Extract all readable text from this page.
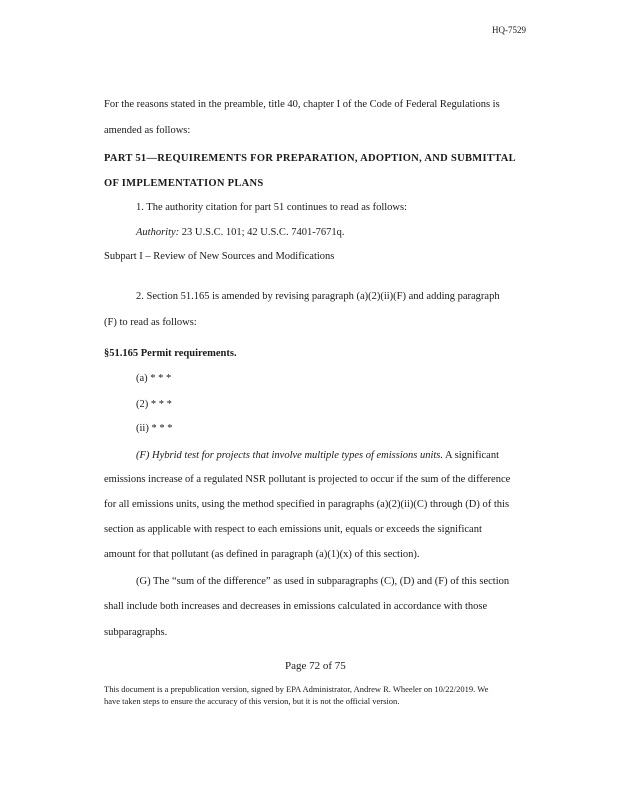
HQ-7529
For the reasons stated in the preamble, title 40, chapter I of the Code of Federal Regulations is
amended as follows:
PART 51—REQUIREMENTS FOR PREPARATION, ADOPTION, AND SUBMITTAL
OF IMPLEMENTATION PLANS
1. The authority citation for part 51 continues to read as follows:
Authority: 23 U.S.C. 101; 42 U.S.C. 7401-7671q.
Subpart I – Review of New Sources and Modifications
2. Section 51.165 is amended by revising paragraph (a)(2)(ii)(F) and adding paragraph
(F) to read as follows:
§51.165 Permit requirements.
(a) * * *
(2) * * *
(ii) * * *
(F) Hybrid test for projects that involve multiple types of emissions units. A significant
emissions increase of a regulated NSR pollutant is projected to occur if the sum of the difference
for all emissions units, using the method specified in paragraphs (a)(2)(ii)(C) through (D) of this
section as applicable with respect to each emissions unit, equals or exceeds the significant
amount for that pollutant (as defined in paragraph (a)(1)(x) of this section).
(G) The “sum of the difference” as used in subparagraphs (C), (D) and (F) of this section
shall include both increases and decreases in emissions calculated in accordance with those
subparagraphs.
Page 72 of 75
This document is a prepublication version, signed by EPA Administrator, Andrew R. Wheeler on 10/22/2019. We
have taken steps to ensure the accuracy of this version, but it is not the official version.
